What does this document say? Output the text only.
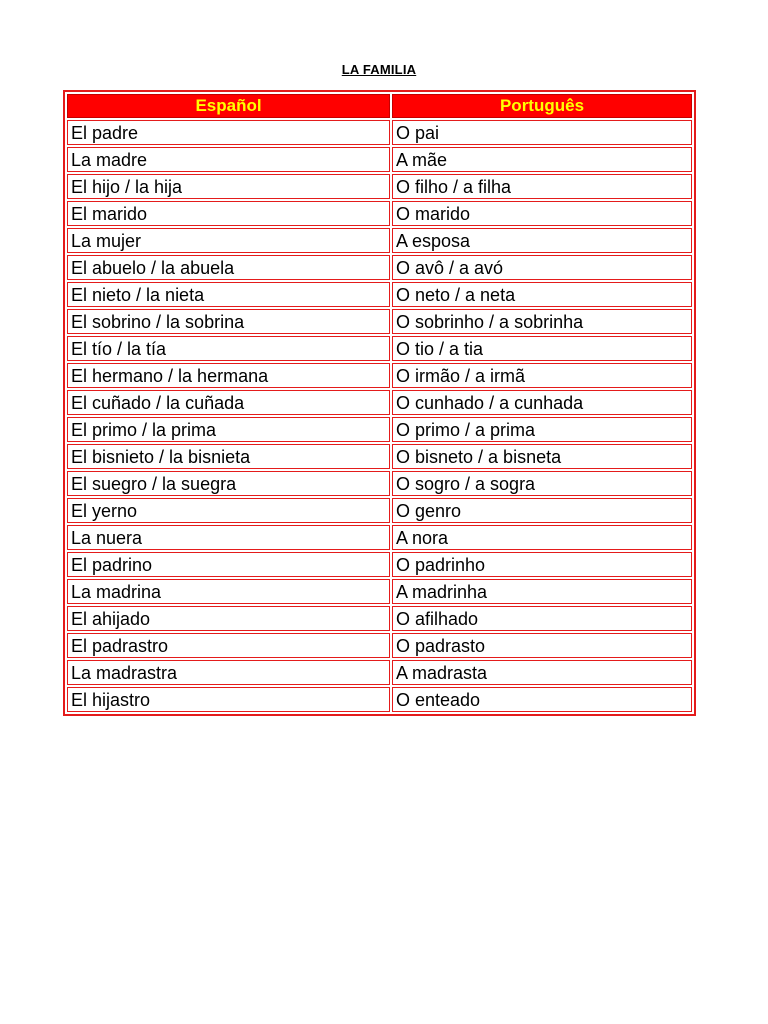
LA FAMILIA
Español	Português
El padre	O pai
La madre	A mãe
El hijo / la hija	O filho / a filha
El marido	O marido
La mujer	A esposa
El abuelo / la abuela	O avô / a avó
El nieto / la nieta	O neto / a neta
El sobrino / la sobrina	O sobrinho / a sobrinha
El tío / la tía	O tio / a tia
El hermano / la hermana	O irmão / a irmã
El cuñado / la cuñada	O cunhado / a cunhada
El primo / la prima	O primo / a prima
El bisnieto / la bisnieta	O bisneto / a bisneta
El suegro / la suegra	O sogro / a sogra
El yerno	O genro
La nuera	A nora
El padrino	O padrinho
La madrina	A madrinha
El ahijado	O afilhado
El padrastro	O padrasto
La madrastra	A madrasta
El hijastro	O enteado
